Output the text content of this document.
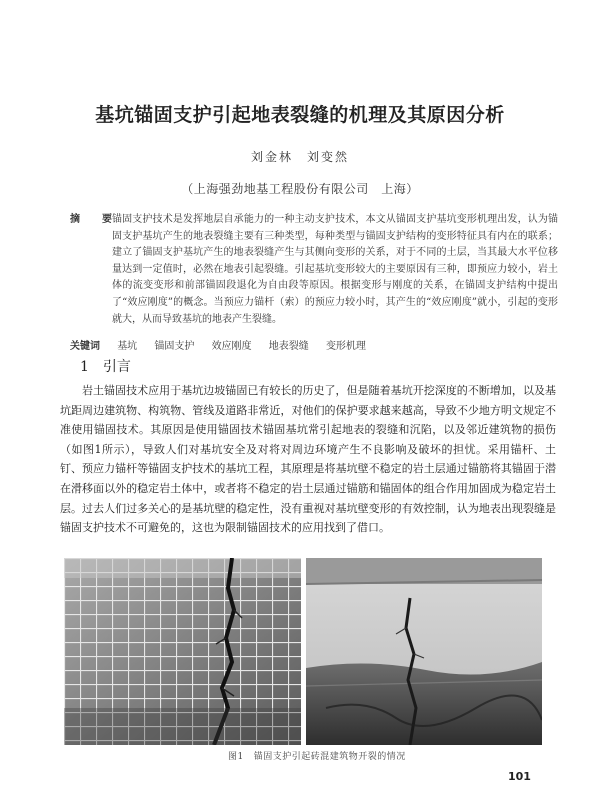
基坑锚固支护引起地表裂缝的机理及其原因分析
刘金林　刘变然
（上海强劲地基工程股份有限公司　上海）
摘　要
锚固支护技术是发挥地层自承能力的一种主动支护技术，本文从锚固支护基坑变形机理出发，认为锚固支护基坑产生的地表裂缝主要有三种类型，每种类型与锚固支护结构的变形特征具有内在的联系；建立了锚固支护基坑产生的地表裂缝产生与其侧向变形的关系，对于不同的土层，当其最大水平位移量达到一定值时，必然在地表引起裂缝。引起基坑变形较大的主要原因有三种，即预应力较小，岩土体的流变变形和前部锚固段退化为自由段等原因。根据变形与刚度的关系，在锚固支护结构中提出了“效应刚度”的概念。当预应力锚杆（索）的预应力较小时，其产生的“效应刚度”就小，引起的变形就大，从而导致基坑的地表产生裂缝。
关键词 基坑 锚固支护 效应刚度 地表裂缝 变形机理
1 引言
岩土锚固技术应用于基坑边坡锚固已有较长的历史了，但是随着基坑开挖深度的不断增加，以及基坑距周边建筑物、构筑物、管线及道路非常近，对他们的保护要求越来越高，导致不少地方明文规定不准使用锚固技术。其原因是使用锚固技术锚固基坑常引起地表的裂缝和沉陷，以及邻近建筑物的损伤（如图1所示），导致人们对基坑安全及对将对周边环境产生不良影响及破坏的担忧。采用锚杆、土钉、预应力锚杆等锚固支护技术的基坑工程，其原理是将基坑壁不稳定的岩土层通过锚筋将其锚固于潜在滑移面以外的稳定岩土体中，或者将不稳定的岩土层通过锚筋和锚固体的组合作用加固成为稳定岩土层。过去人们过多关心的是基坑壁的稳定性，没有重视对基坑壁变形的有效控制，认为地表出现裂缝是锚固支护技术不可避免的，这也为限制锚固技术的应用找到了借口。
图1 锚固支护引起砖混建筑物开裂的情况
101
